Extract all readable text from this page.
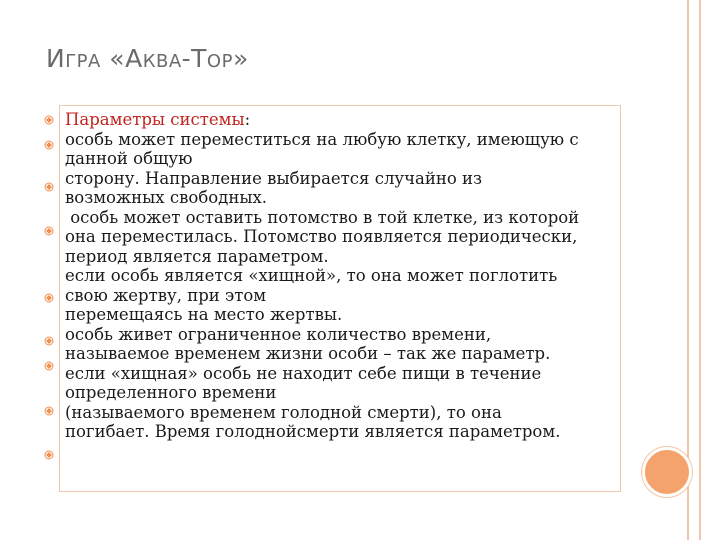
Игра «Аква-Тор»
Параметры системы:
особь может переместиться на любую клетку, имеющую с
данной общую
сторону. Направление выбирается случайно из
возможных свободных.
особь может оставить потомство в той клетке, из которой
она переместилась. Потомство появляется периодически,
период является параметром.
если особь является «хищной», то она может поглотить
свою жертву, при этом
перемещаясь на место жертвы.
особь живет ограниченное количество времени,
называемое временем жизни особи – так же параметр.
если «хищная» особь не находит себе пищи в течение
определенного времени
(называемого временем голодной смерти), то она
погибает. Время голоднойсмерти является параметром.
